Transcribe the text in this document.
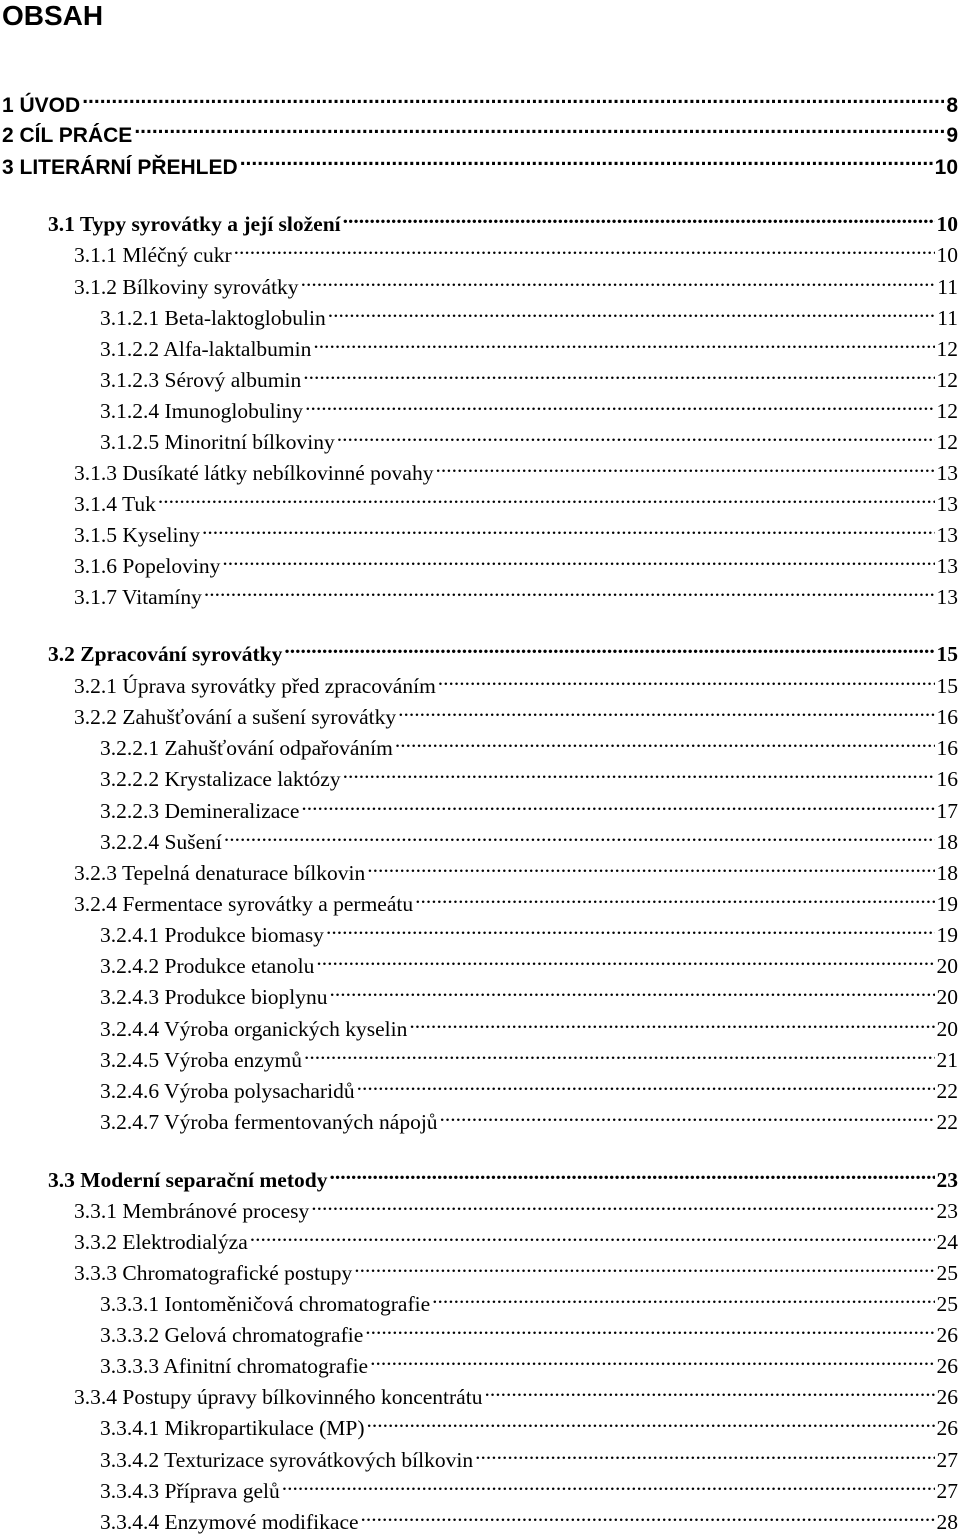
OBSAH
1 ÚVOD .....	8
2 CÍL PRÁCE .....	9
3 LITERÁRNÍ PŘEHLED .....	10
3.1 Typy syrovátky a její složení .....	10
3.1.1 Mléčný cukr .....	10
3.1.2 Bílkoviny syrovátky .....	11
3.1.2.1 Beta-laktoglobulin .....	11
3.1.2.2 Alfa-laktalbumin .....	12
3.1.2.3 Sérový albumin .....	12
3.1.2.4 Imunoglobuliny .....	12
3.1.2.5 Minoritní bílkoviny .....	12
3.1.3 Dusíkaté látky nebílkovinné povahy .....	13
3.1.4 Tuk .....	13
3.1.5 Kyseliny .....	13
3.1.6 Popeloviny .....	13
3.1.7 Vitamíny .....	13
3.2 Zpracování syrovátky .....	15
3.2.1 Úprava syrovátky před zpracováním .....	15
3.2.2 Zahušťování a sušení syrovátky .....	16
3.2.2.1 Zahušťování odpařováním .....	16
3.2.2.2 Krystalizace laktózy .....	16
3.2.2.3 Demineralizace .....	17
3.2.2.4 Sušení .....	18
3.2.3 Tepelná denaturace bílkovin .....	18
3.2.4 Fermentace syrovátky a permeátu .....	19
3.2.4.1 Produkce biomasy .....	19
3.2.4.2 Produkce etanolu .....	20
3.2.4.3 Produkce bioplynu .....	20
3.2.4.4 Výroba organických kyselin .....	20
3.2.4.5 Výroba enzymů .....	21
3.2.4.6 Výroba polysacharidů .....	22
3.2.4.7 Výroba fermentovaných nápojů .....	22
3.3 Moderní separační metody .....	23
3.3.1 Membránové procesy .....	23
3.3.2 Elektrodialýza .....	24
3.3.3 Chromatografické postupy .....	25
3.3.3.1 Iontoměničová chromatografie .....	25
3.3.3.2 Gelová chromatografie .....	26
3.3.3.3 Afinitní chromatografie .....	26
3.3.4 Postupy úpravy bílkovinného koncentrátu .....	26
3.3.4.1 Mikropartikulace (MP) .....	26
3.3.4.2 Texturizace syrovátkových bílkovin .....	27
3.3.4.3 Příprava gelů .....	27
3.3.4.4 Enzymové modifikace .....	28
